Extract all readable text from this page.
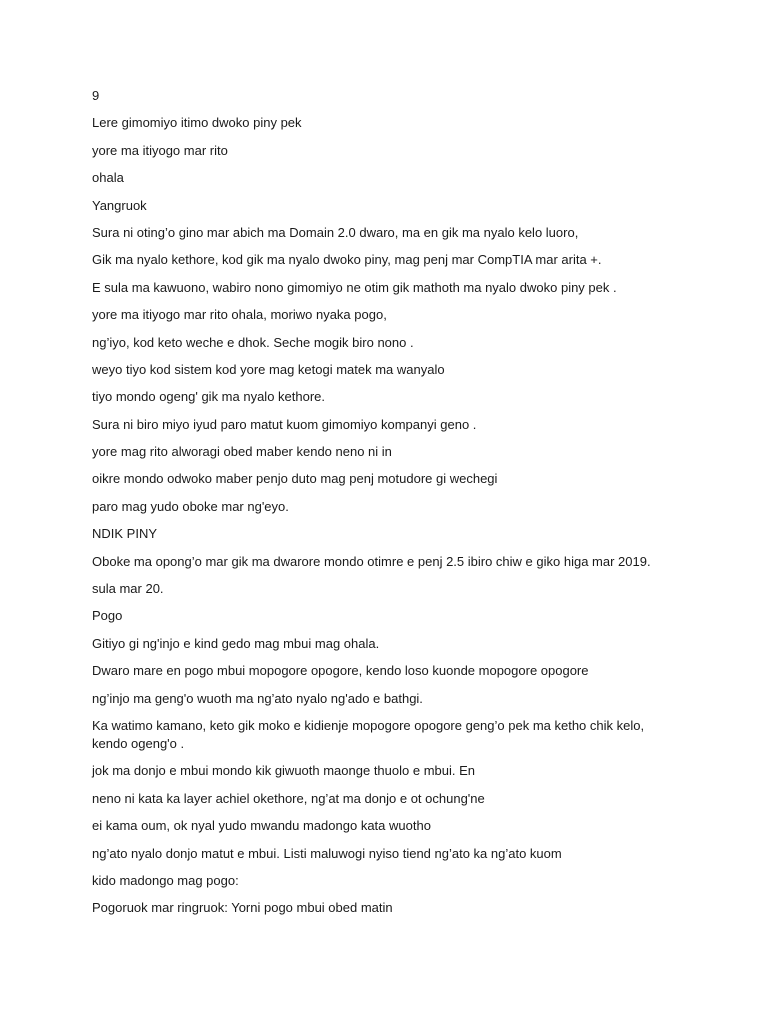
9

Lere gimomiyo itimo dwoko piny pek

yore ma itiyogo mar rito

ohala

Yangruok

Sura ni oting’o gino mar abich ma Domain 2.0 dwaro, ma en gik ma nyalo kelo luoro,

Gik ma nyalo kethore, kod gik ma nyalo dwoko piny, mag penj mar CompTIA mar arita +.

E sula ma kawuono, wabiro nono gimomiyo ne otim gik mathoth ma nyalo dwoko piny pek .

yore ma itiyogo mar rito ohala, moriwo nyaka pogo,

ng’iyo, kod keto weche e dhok. Seche mogik biro nono .

weyo tiyo kod sistem kod yore mag ketogi matek ma wanyalo

tiyo mondo ogeng' gik ma nyalo kethore.

Sura ni biro miyo iyud paro matut kuom gimomiyo kompanyi geno .

yore mag rito alworagi obed maber kendo neno ni in

oikre mondo odwoko maber penjo duto mag penj motudore gi wechegi

paro mag yudo oboke mar ng'eyo.

NDIK PINY

Oboke ma opong’o mar gik ma dwarore mondo otimre e penj 2.5 ibiro chiw e giko higa mar 2019.

sula mar 20.

Pogo

Gitiyo gi ng'injo e kind gedo mag mbui mag ohala.

Dwaro mare en pogo mbui mopogore opogore, kendo loso kuonde mopogore opogore

ng’injo ma geng'o wuoth ma ng’ato nyalo ng'ado e bathgi.

Ka watimo kamano, keto gik moko e kidienje mopogore opogore geng’o pek ma ketho chik kelo, kendo ogeng'o .

jok ma donjo e mbui mondo kik giwuoth maonge thuolo e mbui. En

neno ni kata ka layer achiel okethore, ng’at ma donjo e ot ochung'ne

ei kama oum, ok nyal yudo mwandu madongo kata wuotho

ng’ato nyalo donjo matut e mbui. Listi maluwogi nyiso tiend ng’ato ka ng’ato kuom

kido madongo mag pogo:

Pogoruok mar ringruok: Yorni pogo mbui obed matin
